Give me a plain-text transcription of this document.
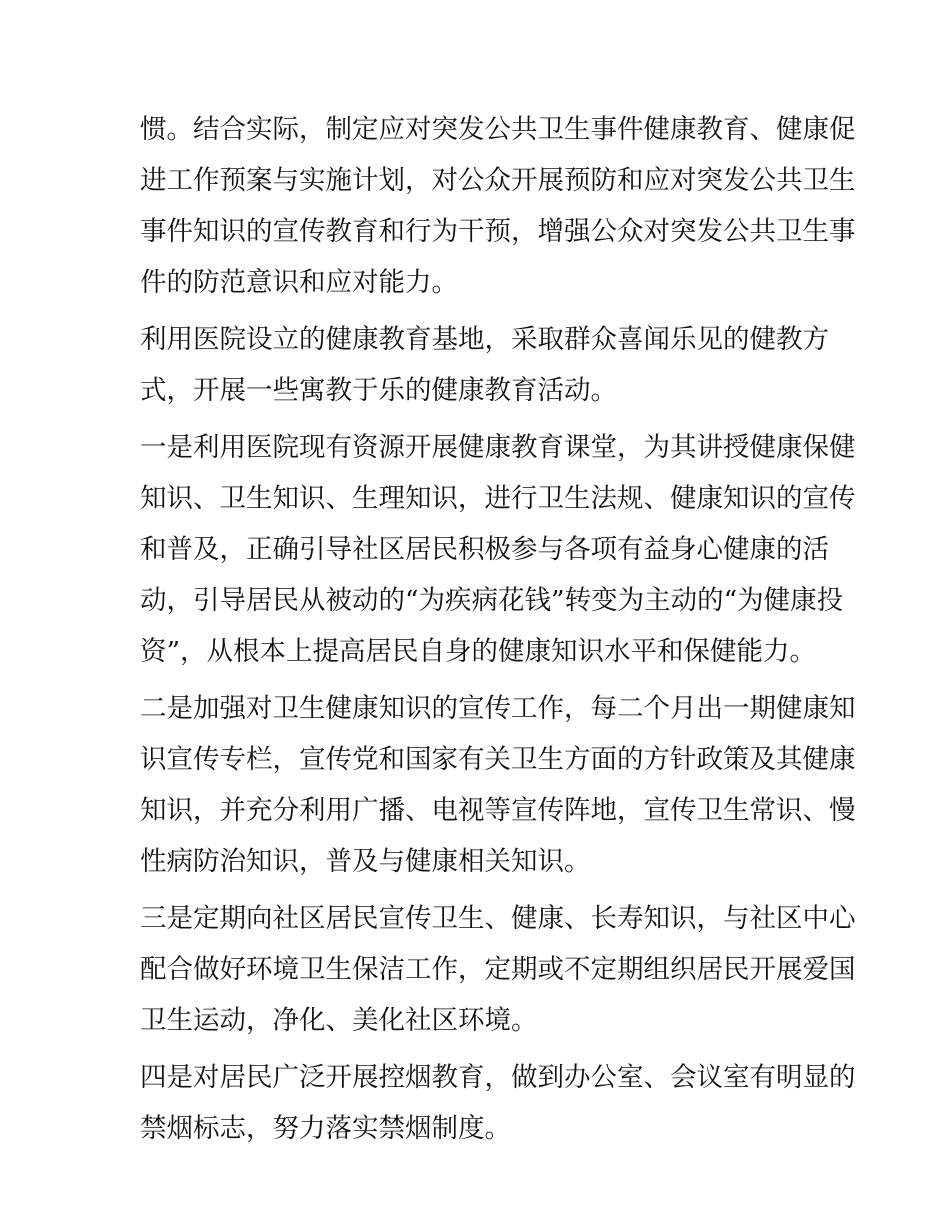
惯。结合实际，制定应对突发公共卫生事件健康教育、健康促
进工作预案与实施计划，对公众开展预防和应对突发公共卫生
事件知识的宣传教育和行为干预，增强公众对突发公共卫生事
件的防范意识和应对能力。
利用医院设立的健康教育基地，采取群众喜闻乐见的健教方
式，开展一些寓教于乐的健康教育活动。
一是利用医院现有资源开展健康教育课堂，为其讲授健康保健
知识、卫生知识、生理知识，进行卫生法规、健康知识的宣传
和普及，正确引导社区居民积极参与各项有益身心健康的活
动，引导居民从被动的“为疾病花钱”转变为主动的“为健康投
资”，从根本上提高居民自身的健康知识水平和保健能力。
二是加强对卫生健康知识的宣传工作，每二个月出一期健康知
识宣传专栏，宣传党和国家有关卫生方面的方针政策及其健康
知识，并充分利用广播、电视等宣传阵地，宣传卫生常识、慢
性病防治知识，普及与健康相关知识。
三是定期向社区居民宣传卫生、健康、长寿知识，与社区中心
配合做好环境卫生保洁工作，定期或不定期组织居民开展爱国
卫生运动，净化、美化社区环境。
四是对居民广泛开展控烟教育，做到办公室、会议室有明显的
禁烟标志，努力落实禁烟制度。
